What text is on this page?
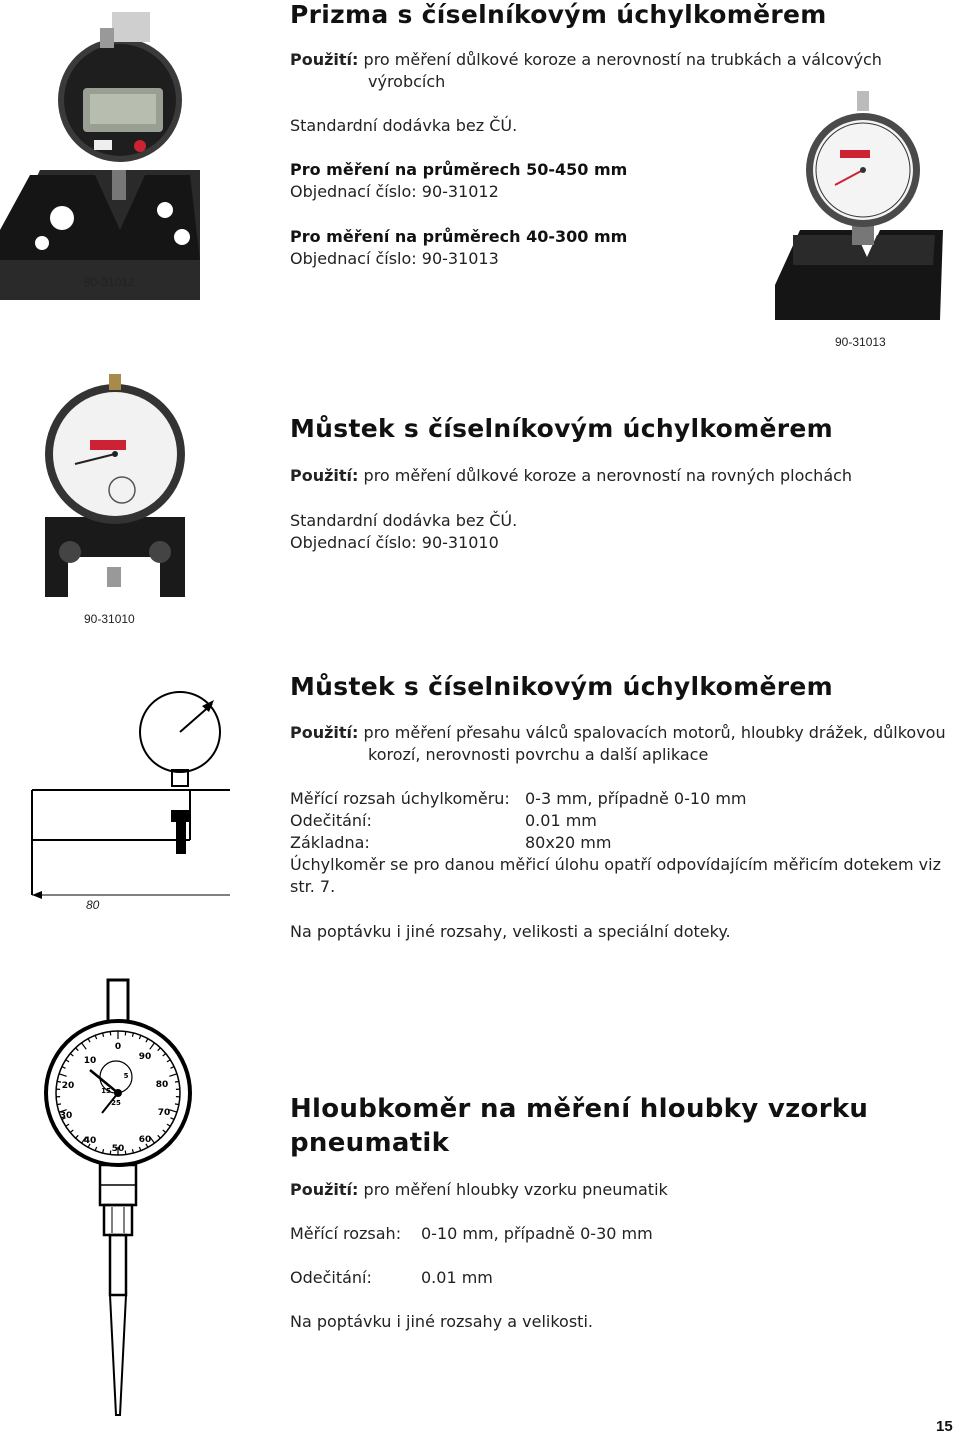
90-31012
Prizma s číselníkovým úchylkoměrem
Použití: pro měření důlkové koroze a nerovností na trubkách a válcových
výrobcích
Standardní dodávka bez ČÚ.
Pro měření na průměrech 50-450 mm
Objednací číslo: 90-31012
Pro měření na průměrech 40-300 mm
Objednací číslo: 90-31013
90-31013
90-31010
Můstek s číselníkovým úchylkoměrem
Použití: pro měření důlkové koroze a nerovností na rovných plochách
Standardní dodávka bez ČÚ.
Objednací číslo: 90-31010
80
Můstek s číselnikovým úchylkoměrem
Použití: pro měření přesahu válců spalovacích motorů, hloubky drážek, důlkovou
korozí, nerovnosti povrchu a další aplikace
Měřící rozsah úchylkoměru: 0-3 mm, případně 0-10 mm
Odečitání:	0.01 mm
Základna:	80x20 mm
Úchylkoměr se pro danou měřicí úlohu opatří odpovídajícím měřicím dotekem viz
str. 7.
Na poptávku i jiné rozsahy, velikosti a speciální doteky.
0
90
10
80
20
70
30
60
40
50
5
15
25	Hloubkoměr na měření hloubky vzorku
pneumatik
Použití: pro měření hloubky vzorku pneumatik
Měřící rozsah:	0-10 mm, případně 0-30 mm
Odečitání:	0.01 mm
Na poptávku i jiné rozsahy a velikosti.
15
